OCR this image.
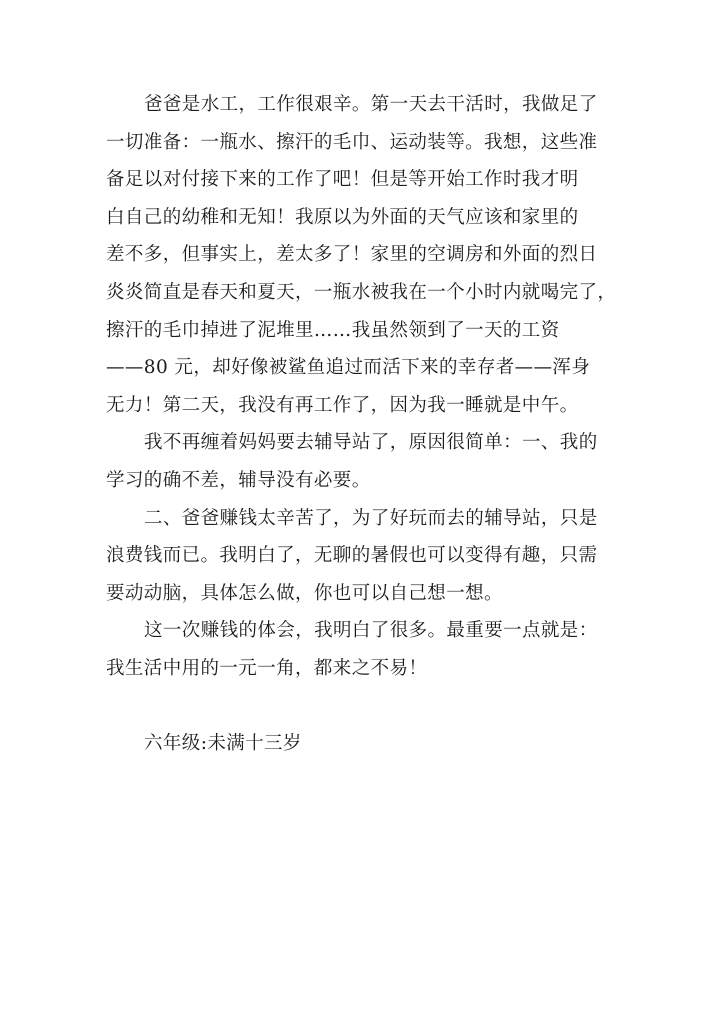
爸爸是水工，工作很艰辛。第一天去干活时，我做足了
一切准备：一瓶水、擦汗的毛巾、运动装等。我想，这些准
备足以对付接下来的工作了吧！但是等开始工作时我才明
白自己的幼稚和无知！我原以为外面的天气应该和家里的
差不多，但事实上，差太多了！家里的空调房和外面的烈日
炎炎简直是春天和夏天，一瓶水被我在一个小时内就喝完了，
擦汗的毛巾掉进了泥堆里……我虽然领到了一天的工资
——80 元，却好像被鲨鱼追过而活下来的幸存者——浑身
无力！第二天，我没有再工作了，因为我一睡就是中午。
我不再缠着妈妈要去辅导站了，原因很简单：一、我的
学习的确不差，辅导没有必要。
二、爸爸赚钱太辛苦了，为了好玩而去的辅导站，只是
浪费钱而已。我明白了，无聊的暑假也可以变得有趣，只需
要动动脑，具体怎么做，你也可以自己想一想。
这一次赚钱的体会，我明白了很多。最重要一点就是：
我生活中用的一元一角，都来之不易！
六年级:未满十三岁
